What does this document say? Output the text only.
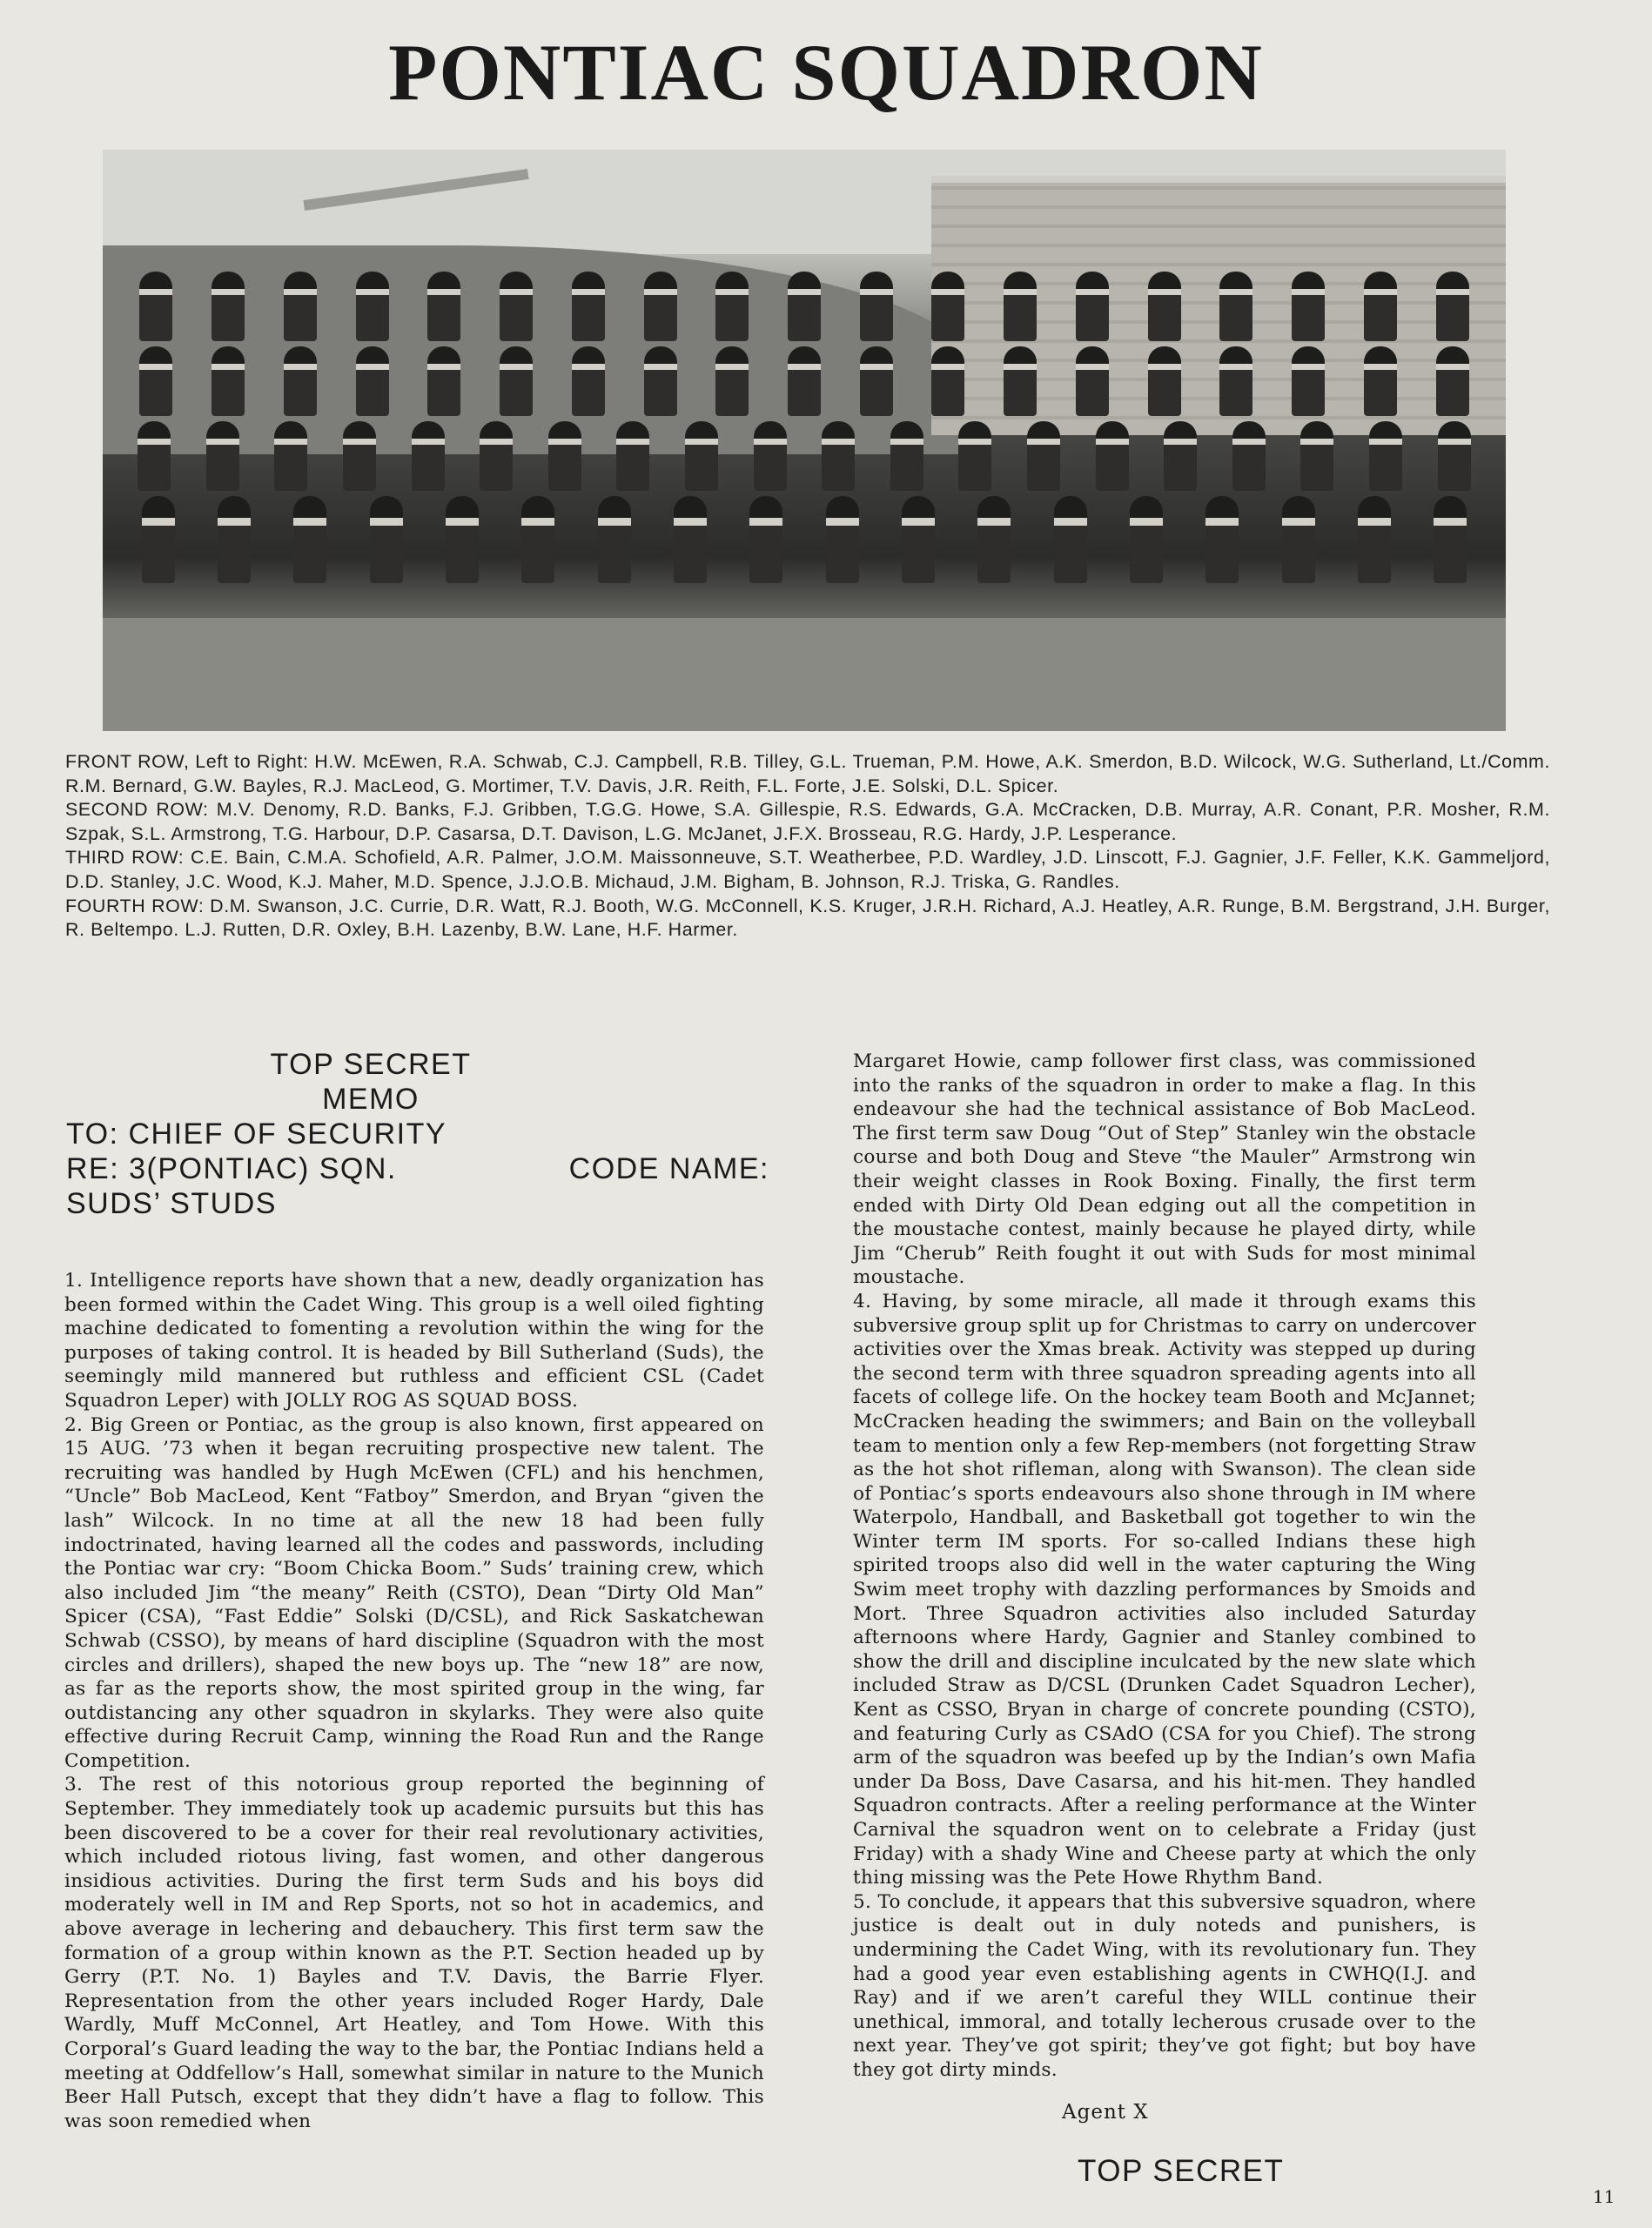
PONTIAC SQUADRON

FRONT ROW, Left to Right: H.W. McEwen, R.A. Schwab, C.J. Campbell, R.B. Tilley, G.L. Trueman, P.M. Howe, A.K. Smerdon, B.D. Wilcock, W.G. Sutherland, Lt./Comm. R.M. Bernard, G.W. Bayles, R.J. MacLeod, G. Mortimer, T.V. Davis, J.R. Reith, F.L. Forte, J.E. Solski, D.L. Spicer.

SECOND ROW: M.V. Denomy, R.D. Banks, F.J. Gribben, T.G.G. Howe, S.A. Gillespie, R.S. Edwards, G.A. McCracken, D.B. Murray, A.R. Conant, P.R. Mosher, R.M. Szpak, S.L. Armstrong, T.G. Harbour, D.P. Casarsa, D.T. Davison, L.G. McJanet, J.F.X. Brosseau, R.G. Hardy, J.P. Lesperance.

THIRD ROW: C.E. Bain, C.M.A. Schofield, A.R. Palmer, J.O.M. Maissonneuve, S.T. Weatherbee, P.D. Wardley, J.D. Linscott, F.J. Gagnier, J.F. Feller, K.K. Gammeljord, D.D. Stanley, J.C. Wood, K.J. Maher, M.D. Spence, J.J.O.B. Michaud, J.M. Bigham, B. Johnson, R.J. Triska, G. Randles.

FOURTH ROW: D.M. Swanson, J.C. Currie, D.R. Watt, R.J. Booth, W.G. McConnell, K.S. Kruger, J.R.H. Richard, A.J. Heatley, A.R. Runge, B.M. Bergstrand, J.H. Burger, R. Beltempo. L.J. Rutten, D.R. Oxley, B.H. Lazenby, B.W. Lane, H.F. Harmer.

TOP SECRET
MEMO
TO: CHIEF OF SECURITY
RE: 3(PONTIAC) SQN.	CODE NAME:
SUDS’ STUDS

1. Intelligence reports have shown that a new, deadly organization has been formed within the Cadet Wing. This group is a well oiled fighting machine dedicated to fomenting a revolution within the wing for the purposes of taking control. It is headed by Bill Sutherland (Suds), the seemingly mild mannered but ruthless and efficient CSL (Cadet Squadron Leper) with JOLLY ROG AS SQUAD BOSS.

2. Big Green or Pontiac, as the group is also known, first appeared on 15 AUG. ’73 when it began recruiting prospective new talent. The recruiting was handled by Hugh McEwen (CFL) and his henchmen, “Uncle” Bob MacLeod, Kent “Fatboy” Smerdon, and Bryan “given the lash” Wilcock. In no time at all the new 18 had been fully indoctrinated, having learned all the codes and passwords, including the Pontiac war cry: “Boom Chicka Boom.” Suds’ training crew, which also included Jim “the meany” Reith (CSTO), Dean “Dirty Old Man” Spicer (CSA), “Fast Eddie” Solski (D/CSL), and Rick Saskatchewan Schwab (CSSO), by means of hard discipline (Squadron with the most circles and drillers), shaped the new boys up. The “new 18” are now, as far as the reports show, the most spirited group in the wing, far outdistancing any other squadron in skylarks. They were also quite effective during Recruit Camp, winning the Road Run and the Range Competition.

3. The rest of this notorious group reported the beginning of September. They immediately took up academic pursuits but this has been discovered to be a cover for their real revolutionary activities, which included riotous living, fast women, and other dangerous insidious activities. During the first term Suds and his boys did moderately well in IM and Rep Sports, not so hot in academics, and above average in lechering and debauchery. This first term saw the formation of a group within known as the P.T. Section headed up by Gerry (P.T. No. 1) Bayles and T.V. Davis, the Barrie Flyer. Representation from the other years included Roger Hardy, Dale Wardly, Muff McConnel, Art Heatley, and Tom Howe. With this Corporal’s Guard leading the way to the bar, the Pontiac Indians held a meeting at Oddfellow’s Hall, somewhat similar in nature to the Munich Beer Hall Putsch, except that they didn’t have a flag to follow. This was soon remedied when

Margaret Howie, camp follower first class, was commissioned into the ranks of the squadron in order to make a flag. In this endeavour she had the technical assistance of Bob MacLeod. The first term saw Doug “Out of Step” Stanley win the obstacle course and both Doug and Steve “the Mauler” Armstrong win their weight classes in Rook Boxing. Finally, the first term ended with Dirty Old Dean edging out all the competition in the moustache contest, mainly because he played dirty, while Jim “Cherub” Reith fought it out with Suds for most minimal moustache.

4. Having, by some miracle, all made it through exams this subversive group split up for Christmas to carry on undercover activities over the Xmas break. Activity was stepped up during the second term with three squadron spreading agents into all facets of college life. On the hockey team Booth and McJannet; McCracken heading the swimmers; and Bain on the volleyball team to mention only a few Rep-members (not forgetting Straw as the hot shot rifleman, along with Swanson). The clean side of Pontiac’s sports endeavours also shone through in IM where Waterpolo, Handball, and Basketball got together to win the Winter term IM sports. For so-called Indians these high spirited troops also did well in the water capturing the Wing Swim meet trophy with dazzling performances by Smoids and Mort. Three Squadron activities also included Saturday afternoons where Hardy, Gagnier and Stanley combined to show the drill and discipline inculcated by the new slate which included Straw as D/CSL (Drunken Cadet Squadron Lecher), Kent as CSSO, Bryan in charge of concrete pounding (CSTO), and featuring Curly as CSAdO (CSA for you Chief). The strong arm of the squadron was beefed up by the Indian’s own Mafia under Da Boss, Dave Casarsa, and his hit-men. They handled Squadron contracts. After a reeling performance at the Winter Carnival the squadron went on to celebrate a Friday (just Friday) with a shady Wine and Cheese party at which the only thing missing was the Pete Howe Rhythm Band.

5. To conclude, it appears that this subversive squadron, where justice is dealt out in duly noteds and punishers, is undermining the Cadet Wing, with its revolutionary fun. They had a good year even establishing agents in CWHQ(I.J. and Ray) and if we aren’t careful they WILL continue their unethical, immoral, and totally lecherous crusade over to the next year. They’ve got spirit; they’ve got fight; but boy have they got dirty minds.

Agent X
TOP SECRET
11
